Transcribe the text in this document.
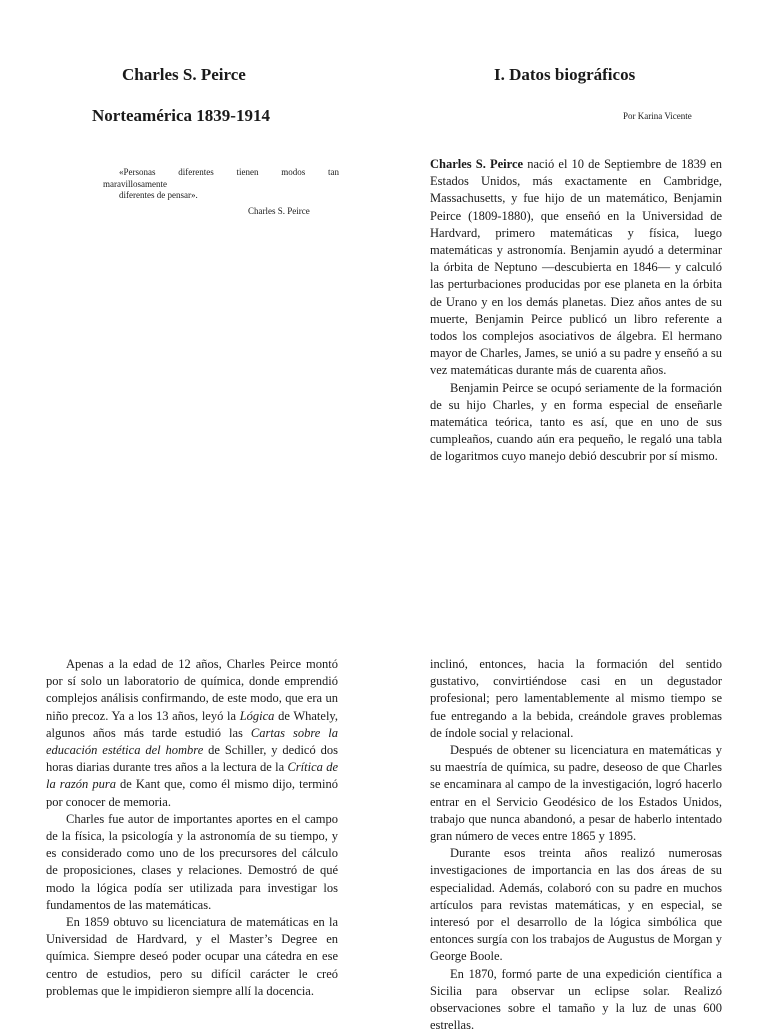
Charles S. Peirce
Norteamérica 1839-1914
«Personas diferentes tienen modos tan
maravillosamente
diferentes de pensar».
Charles S. Peirce
I. Datos biográficos
Por Karina Vicente

Charles S. Peirce nació el 10 de Septiembre de 1839 en Estados Unidos, más exactamente en Cambridge, Massachusetts, y fue hijo de un matemático, Benjamin Peirce (1809-1880), que enseñó en la Universidad de Hardvard, primero matemáticas y física, luego matemáticas y astronomía. Benjamin ayudó a determinar la órbita de Neptuno —descubierta en 1846— y calculó las perturbaciones producidas por ese planeta en la órbita de Urano y en los demás planetas. Diez años antes de su muerte, Benjamin Peirce publicó un libro referente a todos los complejos asociativos de álgebra. El hermano mayor de Charles, James, se unió a su padre y enseñó a su vez matemáticas durante más de cuarenta años.

Benjamin Peirce se ocupó seriamente de la formación de su hijo Charles, y en forma especial de enseñarle matemática teórica, tanto es así, que en uno de sus cumpleaños, cuando aún era pequeño, le regaló una tabla de logaritmos cuyo manejo debió descubrir por sí mismo.

Apenas a la edad de 12 años, Charles Peirce montó por sí solo un laboratorio de química, donde emprendió complejos análisis confirmando, de este modo, que era un niño precoz. Ya a los 13 años, leyó la Lógica de Whately, algunos años más tarde estudió las Cartas sobre la educación estética del hombre de Schiller, y dedicó dos horas diarias durante tres años a la lectura de la Crítica de la razón pura de Kant que, como él mismo dijo, terminó por conocer de memoria.

Charles fue autor de importantes aportes en el campo de la física, la psicología y la astronomía de su tiempo, y es considerado como uno de los precursores del cálculo de proposiciones, clases y relaciones. Demostró de qué modo la lógica podía ser utilizada para investigar los fundamentos de las matemáticas.

En 1859 obtuvo su licenciatura de matemáticas en la Universidad de Hardvard, y el Master’s Degree en química. Siempre deseó poder ocupar una cátedra en ese centro de estudios, pero su difícil carácter le creó problemas que le impidieron siempre allí la docencia.

inclinó, entonces, hacia la formación del sentido gustativo, convirtiéndose casi en un degustador profesional; pero lamentablemente al mismo tiempo se fue entregando a la bebida, creándole graves problemas de índole social y relacional.

Después de obtener su licenciatura en matemáticas y su maestría de química, su padre, deseoso de que Charles se encaminara al campo de la investigación, logró hacerlo entrar en el Servicio Geodésico de los Estados Unidos, trabajo que nunca abandonó, a pesar de haberlo intentado gran número de veces entre 1865 y 1895.

Durante esos treinta años realizó numerosas investigaciones de importancia en las dos áreas de su especialidad. Además, colaboró con su padre en muchos artículos para revistas matemáticas, y en especial, se interesó por el desarrollo de la lógica simbólica que entonces surgía con los trabajos de Augustus de Morgan y George Boole.

En 1870, formó parte de una expedición científica a Sicilia para observar un eclipse solar. Realizó observaciones sobre el tamaño y la luz de unas 600 estrellas.
